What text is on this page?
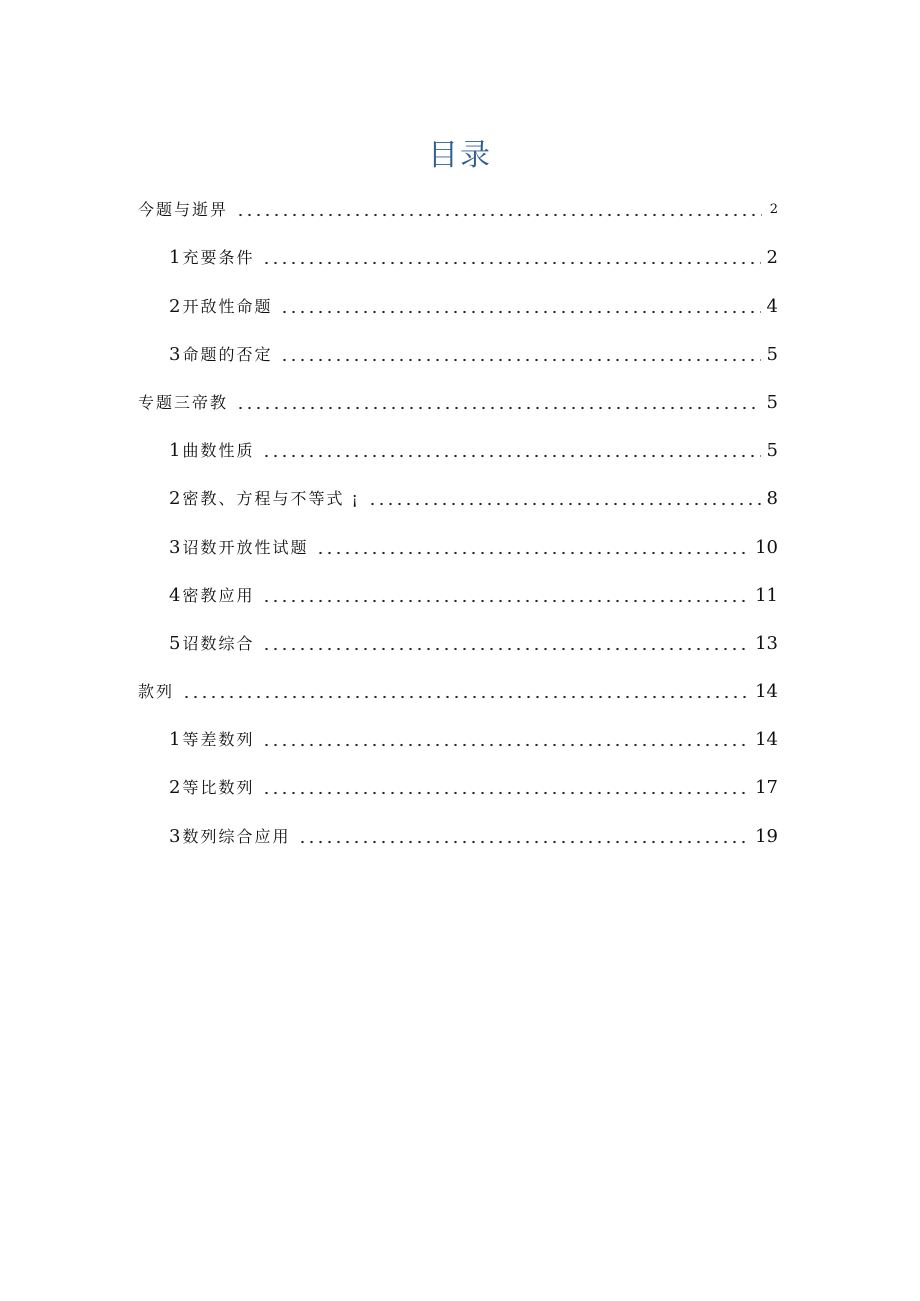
目录
今题与逝畀	2
1 充要条件	2
2 开敌性命题	4
3 命题的否定	5
专题三帝教	5
1 曲数性质	5
2 密教、方程与不等式 ¡	8
3 诏数开放性试题	10
4 密教应用	11
5 诏数综合	13
款列	14
1 等差数列	14
2 等比数列	17
3 数列综合应用	19
